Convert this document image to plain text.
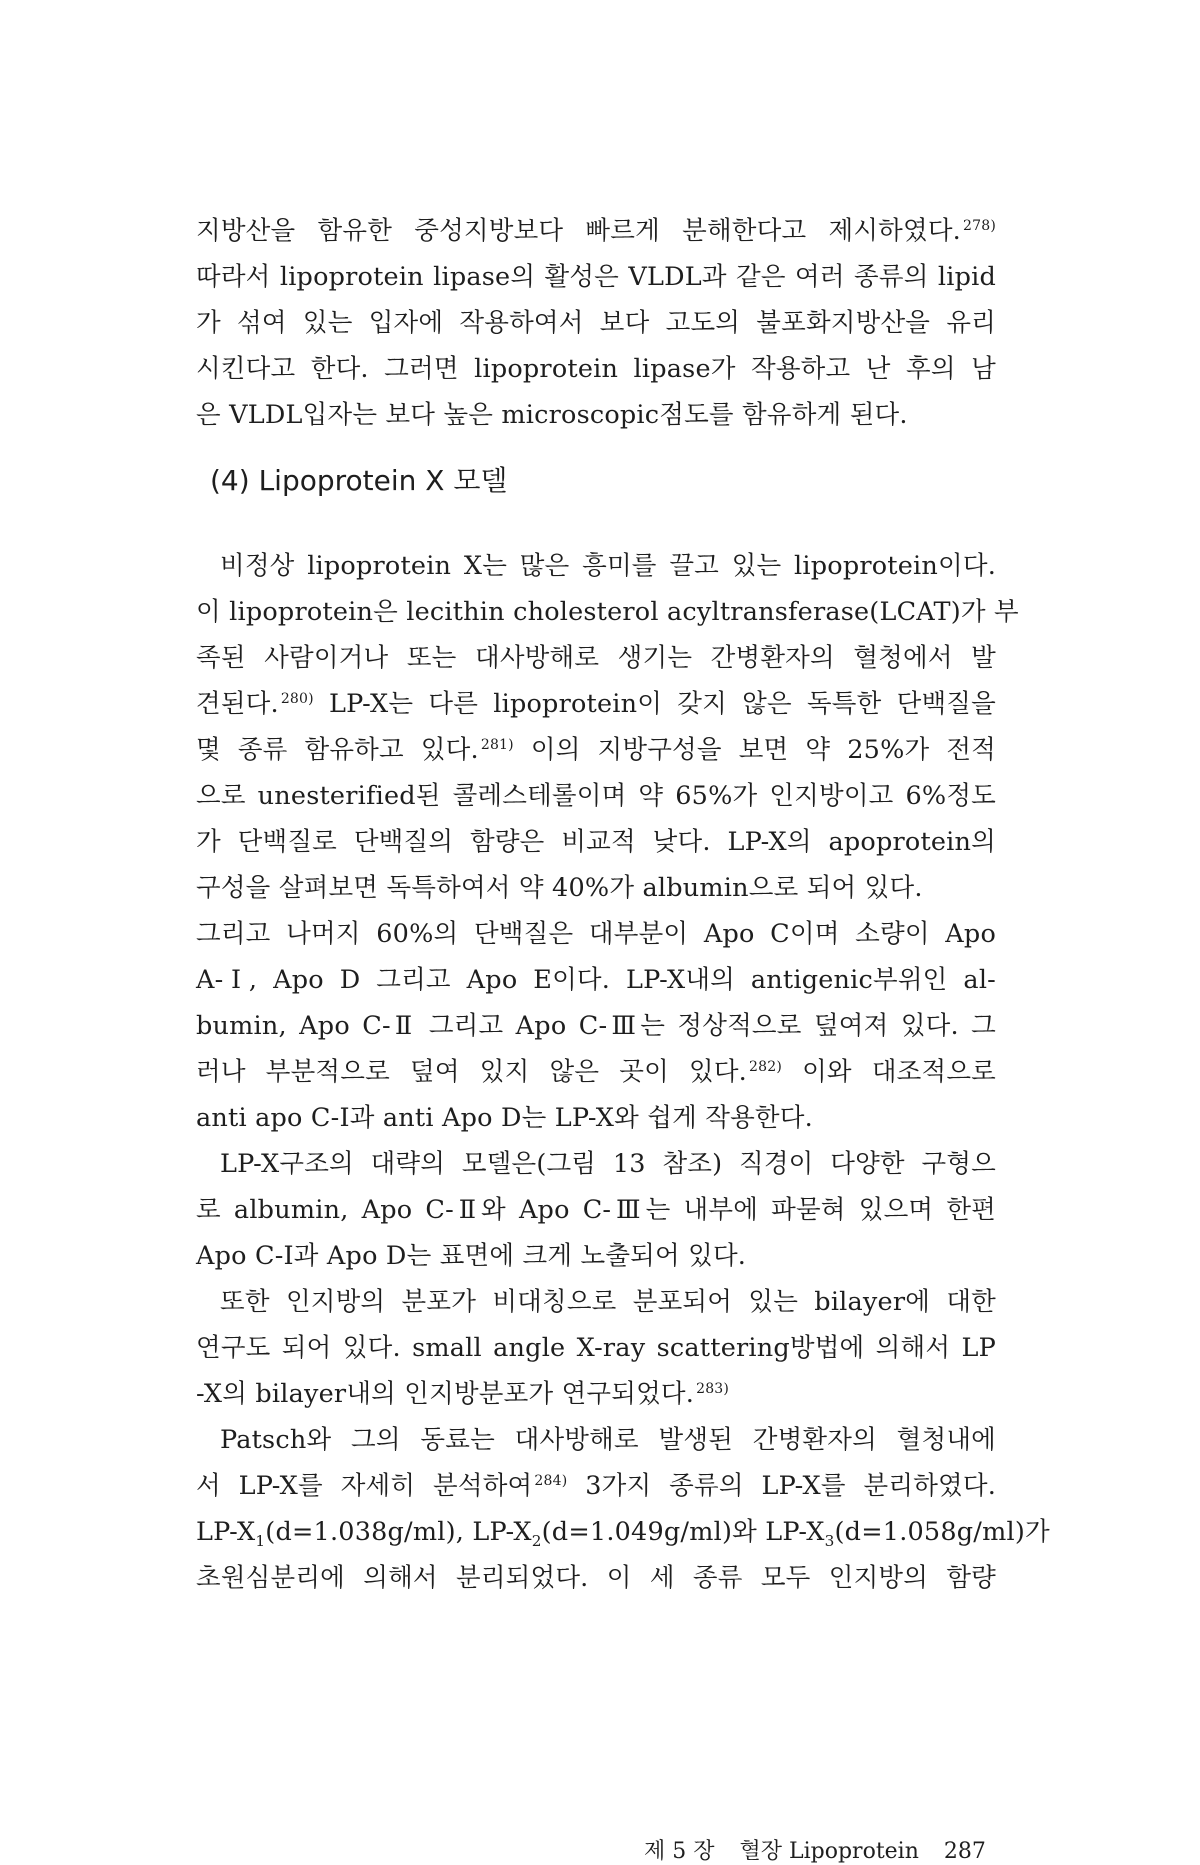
지방산을 함유한 중성지방보다 빠르게 분해한다고 제시하였다. $^{278)}$
따라서 lipoprotein lipase의 활성은 VLDL과 같은 여러 종류의 lipid
가 섞여 있는 입자에 작용하여서 보다 고도의 불포화지방산을 유리
시킨다고 한다. 그러면 lipoprotein lipase가 작용하고 난 후의 남
은 VLDL입자는 보다 높은 microscopic점도를 함유하게 된다.
(4) Lipoprotein X 모델
비정상 lipoprotein X는 많은 흥미를 끌고 있는 lipoprotein이다.
이 lipoprotein은 lecithin cholesterol acyltransferase(LCAT)가 부
족된 사람이거나 또는 대사방해로 생기는 간병환자의 혈청에서 발
견된다. $^{280)}$ LP-X는 다른 lipoprotein이 갖지 않은 독특한 단백질을
몇 종류 함유하고 있다. $^{281)}$ 이의 지방구성을 보면 약 25%가 전적
으로 unesterified된 콜레스테롤이며 약 65%가 인지방이고 6%정도
가 단백질로 단백질의 함량은 비교적 낮다. LP-X의 apoprotein의
구성을 살펴보면 독특하여서 약 40%가 albumin으로 되어 있다.
그리고 나머지 60%의 단백질은 대부분이 Apo C이며 소량이 Apo
A-Ⅰ, Apo D 그리고 Apo E이다. LP-X내의 antigenic부위인 al-
bumin, Apo C-Ⅱ 그리고 Apo C-Ⅲ는 정상적으로 덮여져 있다. 그
러나 부분적으로 덮여 있지 않은 곳이 있다. $^{282)}$ 이와 대조적으로
anti apo C-Ⅰ과 anti Apo D는 LP-X와 쉽게 작용한다.
LP-X구조의 대략의 모델은(그림 13 참조) 직경이 다양한 구형으
로 albumin, Apo C-Ⅱ와 Apo C-Ⅲ는 내부에 파묻혀 있으며 한편
Apo C-Ⅰ과 Apo D는 표면에 크게 노출되어 있다.
또한 인지방의 분포가 비대칭으로 분포되어 있는 bilayer에 대한
연구도 되어 있다. small angle X-ray scattering방법에 의해서 LP
-X의 bilayer내의 인지방분포가 연구되었다. $^{283)}$
Patsch와 그의 동료는 대사방해로 발생된 간병환자의 혈청내에
서 LP-X를 자세히 분석하여 $^{284)}$ 3가지 종류의 LP-X를 분리하였다.
$LP-X_1(d=1.038g/ml)$, $LP-X_2(d=1.049g/ml)$와 $LP-X_3(d=1.058g/ml)$가
초원심분리에 의해서 분리되었다. 이 세 종류 모두 인지방의 함량
제 5 장 혈장 Lipoprotein 287
